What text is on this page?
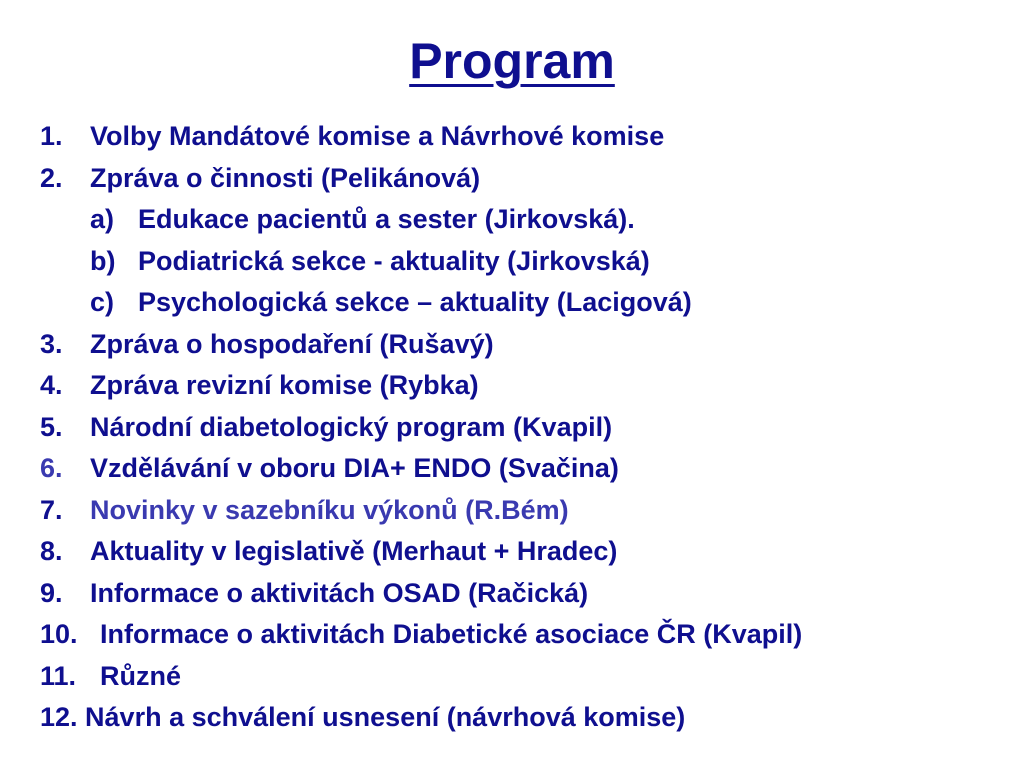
Program
1. Volby Mandátové komise a Návrhové komise
2. Zpráva o činnosti (Pelikánová)
a) Edukace pacientů a sester (Jirkovská).
b) Podiatrická sekce - aktuality (Jirkovská)
c) Psychologická sekce – aktuality (Lacigová)
3. Zpráva o hospodaření (Rušavý)
4. Zpráva revizní komise (Rybka)
5. Národní diabetologický program (Kvapil)
6. Vzdělávání v oboru DIA+ ENDO (Svačina)
7. Novinky v sazebníku výkonů (R.Bém)
8. Aktuality v legislativě (Merhaut + Hradec)
9. Informace o aktivitách OSAD (Račická)
10. Informace o aktivitách Diabetické asociace ČR (Kvapil)
11. Různé
12. Návrh a schválení usnesení (návrhová komise)
